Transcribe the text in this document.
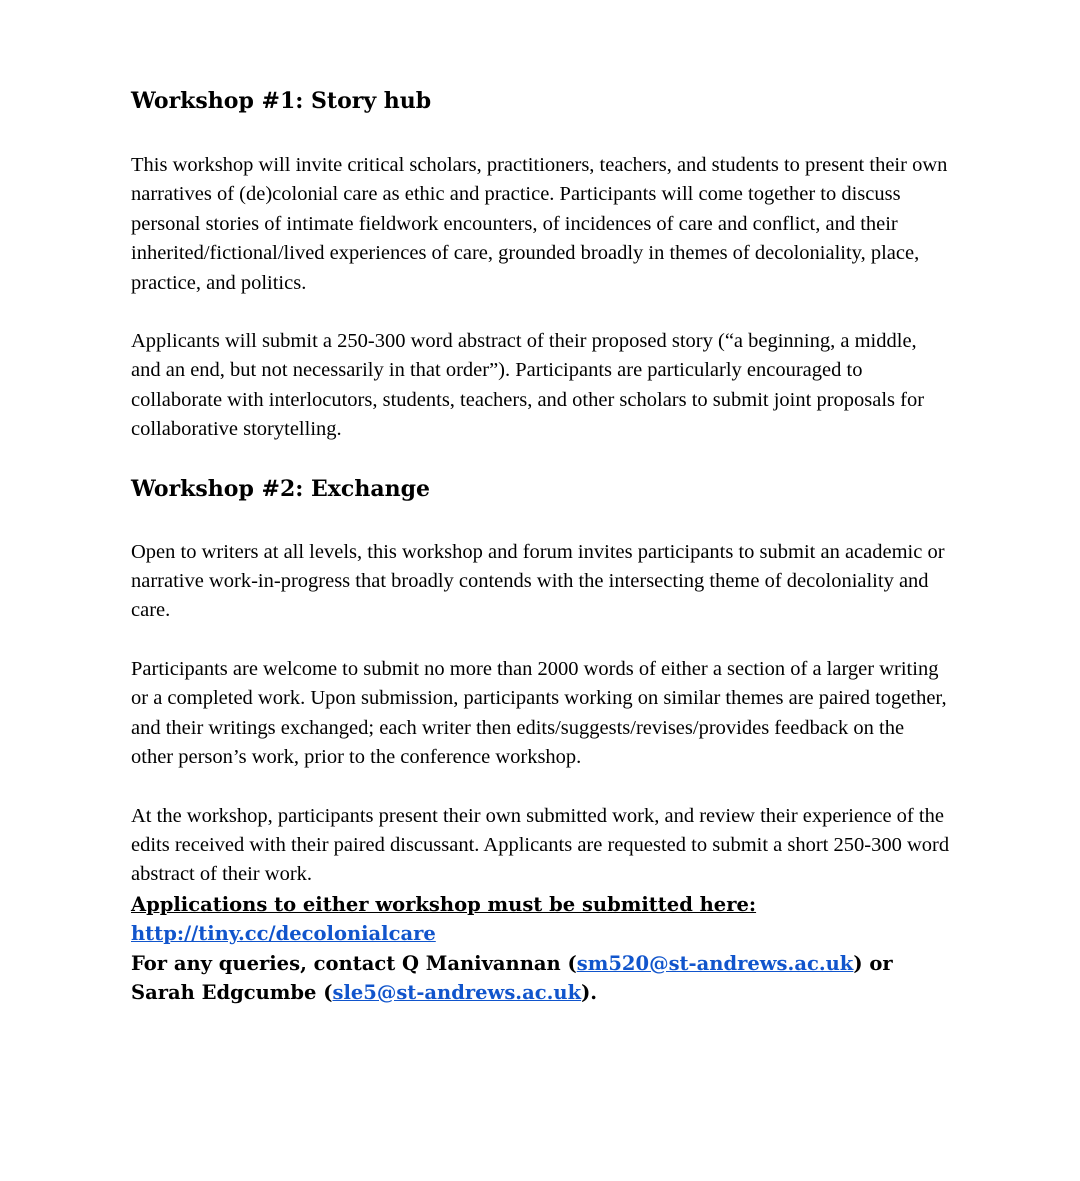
Workshop #1: Story hub

This workshop will invite critical scholars, practitioners, teachers, and students to present their own narratives of (de)colonial care as ethic and practice. Participants will come together to discuss personal stories of intimate fieldwork encounters, of incidences of care and conflict, and their inherited/fictional/lived experiences of care, grounded broadly in themes of decoloniality, place, practice, and politics.

Applicants will submit a 250-300 word abstract of their proposed story (“a beginning, a middle, and an end, but not necessarily in that order”). Participants are particularly encouraged to collaborate with interlocutors, students, teachers, and other scholars to submit joint proposals for collaborative storytelling.

Workshop #2: Exchange

Open to writers at all levels, this workshop and forum invites participants to submit an academic or narrative work-in-progress that broadly contends with the intersecting theme of decoloniality and care.

Participants are welcome to submit no more than 2000 words of either a section of a larger writing or a completed work. Upon submission, participants working on similar themes are paired together, and their writings exchanged; each writer then edits/suggests/revises/provides feedback on the other person’s work, prior to the conference workshop.

At the workshop, participants present their own submitted work, and review their experience of the edits received with their paired discussant. Applicants are requested to submit a short 250-300 word abstract of their work.

Applications to either workshop must be submitted here:
http://tiny.cc/decolonialcare
For any queries, contact Q Manivannan (sm520@st-andrews.ac.uk) or Sarah Edgcumbe (sle5@st-andrews.ac.uk).
